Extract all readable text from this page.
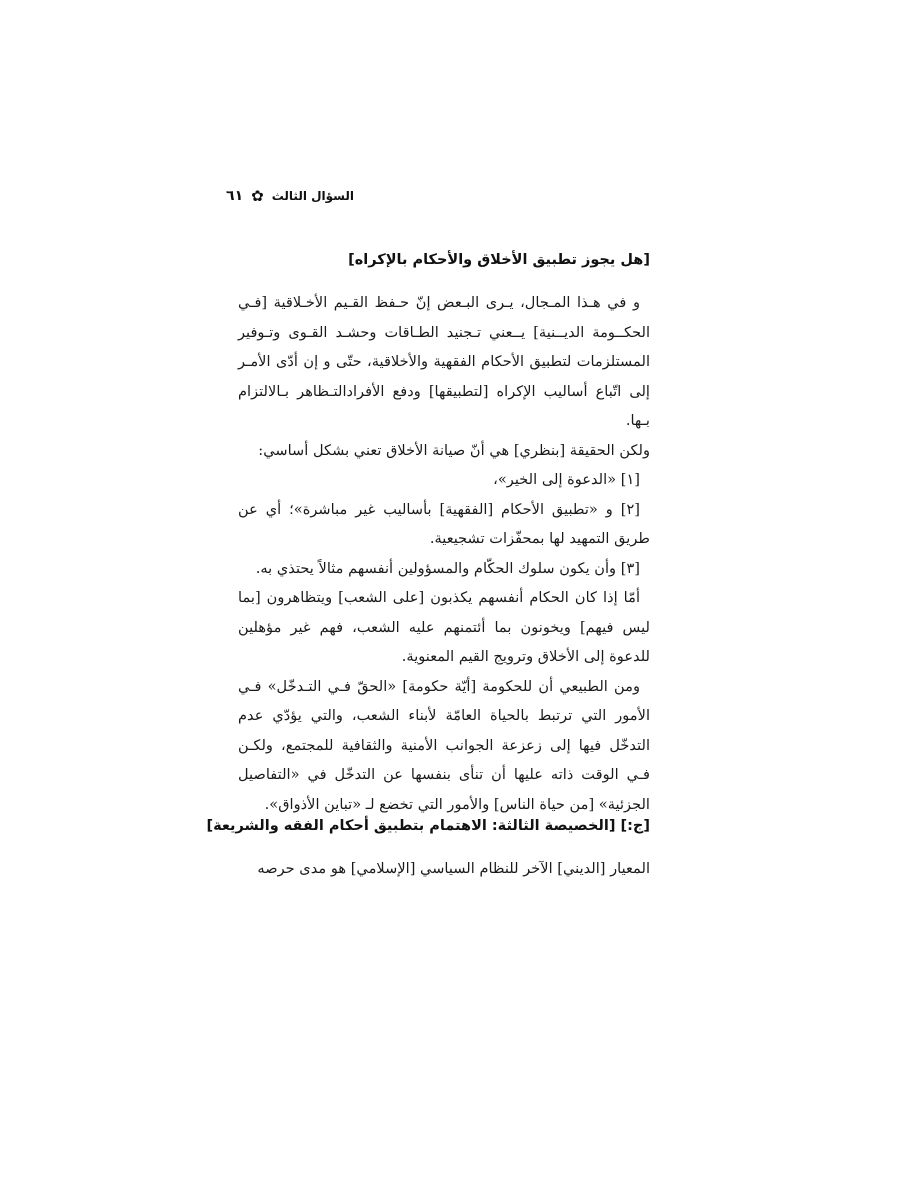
السؤال الثالث
✿
٦١
[هل يجوز تطبيق الأخلاق والأحكام بالإكراه]

و في هـذا المـجال، يـرى البـعض إنّ حـفظ القـيم الأخـلاقية [فـي الحكــومة الديــنية] يــعني تـجنيد الطـاقات وحشـد القـوى وتـوفير المستلزمات لتطبيق الأحكام الفقهية والأخلاقية، حتّى و إن أدّى الأمـر إلى اتّباع أساليب الإكراه [لتطبيقها] ودفع الأفرادالتـظاهر بـالالتزام بـها.

ولكن الحقيقة [بنظري] هي أنّ صيانة الأخلاق تعني بشكل أساسي:

[١] «الدعوة إلى الخير»،

[٢] و «تطبيق الأحكام [الفقهية] بأساليب غير مباشرة»؛ أي عن طريق التمهيد لها بمحفّزات تشجيعية.

[٣] وأن يكون سلوك الحكّام والمسؤولين أنفسهم مثالاً يحتذي به.

أمّا إذا كان الحكام أنفسهم يكذبون [على الشعب] ويتظاهرون [بما ليس فيهم] ويخونون بما أئتمنهم عليه الشعب، فهم غير مؤهلين للدعوة إلى الأخلاق وترويج القيم المعنوية.

ومن الطبيعي أن للحكومة [أيّة حكومة] «الحقّ فـي التـدخّل» فـي الأمور التي ترتبط بالحياة العامّة لأبناء الشعب، والتي يؤدّي عدم التدخّل فيها إلى زعزعة الجوانب الأمنية والثقافية للمجتمع، ولكـن فـي الوقت ذاته عليها أن تنأى بنفسها عن التدخّل في «التفاصيل الجزئية» [من حياة الناس] والأمور التي تخضع لـ «تباين الأذواق».

[ج:] [الخصيصة الثالثة: الاهتمام بتطبيق أحكام الفقه والشريعة]

المعيار [الديني] الآخر للنظام السياسي [الإسلامي] هو مدى حرصه
